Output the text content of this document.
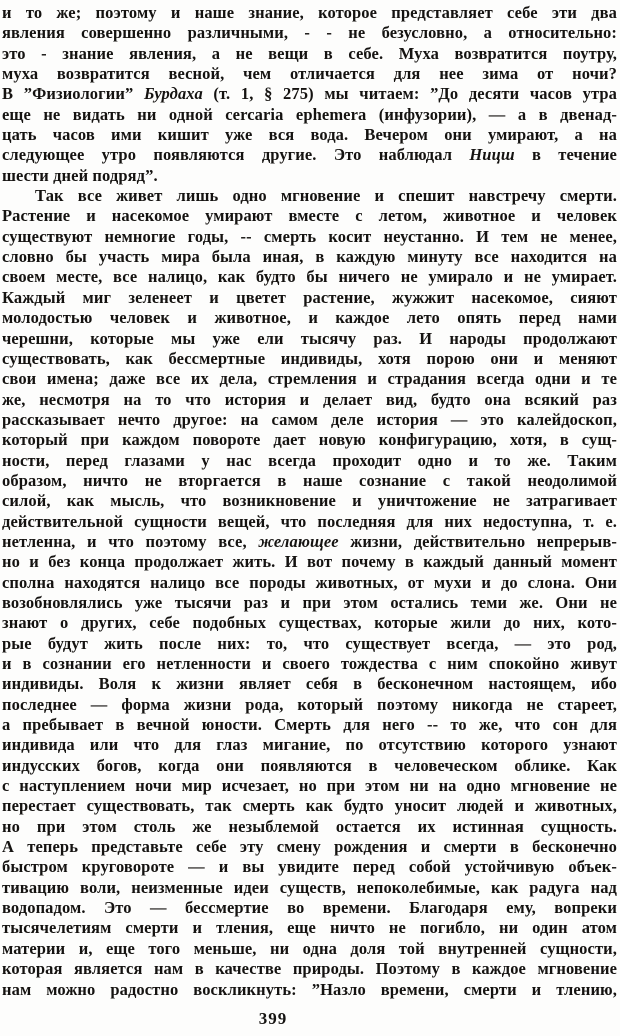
и то же; поэтому и наше знание, которое представляет себе эти два
явления совершенно различными, - - не безусловно, а относительно:
это - знание явления, а не вещи в себе. Муха возвратится поутру,
муха возвратится весной, чем отличается для нее зима от ночи?
В ”Физиологии” Бурдаха (т. 1, § 275) мы читаем: ”До десяти часов утра
еще не видать ни одной cercaria ephemera (инфузории), — а в двенад-
цать часов ими кишит уже вся вода. Вечером они умирают, а на
следующее утро появляются другие. Это наблюдал Ницш в течение
шести дней подряд”.
Так все живет лишь одно мгновение и спешит навстречу смерти.
Растение и насекомое умирают вместе с летом, животное и человек
существуют немногие годы, -- смерть косит неустанно. И тем не менее,
словно бы участь мира была иная, в каждую минуту все находится на
своем месте, все налицо, как будто бы ничего не умирало и не умирает.
Каждый миг зеленеет и цветет растение, жужжит насекомое, сияют
молодостью человек и животное, и каждое лето опять перед нами
черешни, которые мы уже ели тысячу раз. И народы продолжают
существовать, как бессмертные индивиды, хотя порою они и меняют
свои имена; даже все их дела, стремления и страдания всегда одни и те
же, несмотря на то что история и делает вид, будто она всякий раз
рассказывает нечто другое: на самом деле история — это калейдоскоп,
который при каждом повороте дает новую конфигурацию, хотя, в сущ-
ности, перед глазами у нас всегда проходит одно и то же. Таким
образом, ничто не вторгается в наше сознание с такой неодолимой
силой, как мысль, что возникновение и уничтожение не затрагивает
действительной сущности вещей, что последняя для них недоступна, т. е.
нетленна, и что поэтому все, желающее жизни, действительно непрерыв-
но и без конца продолжает жить. И вот почему в каждый данный момент
сполна находятся налицо все породы животных, от мухи и до слона. Они
возобновлялись уже тысячи раз и при этом остались теми же. Они не
знают о других, себе подобных существах, которые жили до них, кото-
рые будут жить после них: то, что существует всегда, — это род,
и в сознании его нетленности и своего тождества с ним спокойно живут
индивиды. Воля к жизни являет себя в бесконечном настоящем, ибо
последнее — форма жизни рода, который поэтому никогда не стареет,
а пребывает в вечной юности. Смерть для него -- то же, что сон для
индивида или что для глаз мигание, по отсутствию которого узнают
индусских богов, когда они появляются в человеческом облике. Как
с наступлением ночи мир исчезает, но при этом ни на одно мгновение не
перестает существовать, так смерть как будто уносит людей и животных,
но при этом столь же незыблемой остается их истинная сущность.
А теперь представьте себе эту смену рождения и смерти в бесконечно
быстром круговороте — и вы увидите перед собой устойчивую объек-
тивацию воли, неизменные идеи существ, непоколебимые, как радуга над
водопадом. Это — бессмертие во времени. Благодаря ему, вопреки
тысячелетиям смерти и тления, еще ничто не погибло, ни один атом
материи и, еще того меньше, ни одна доля той внутренней сущности,
которая является нам в качестве природы. Поэтому в каждое мгновение
нам можно радостно воскликнуть: ”Назло времени, смерти и тлению,
399
